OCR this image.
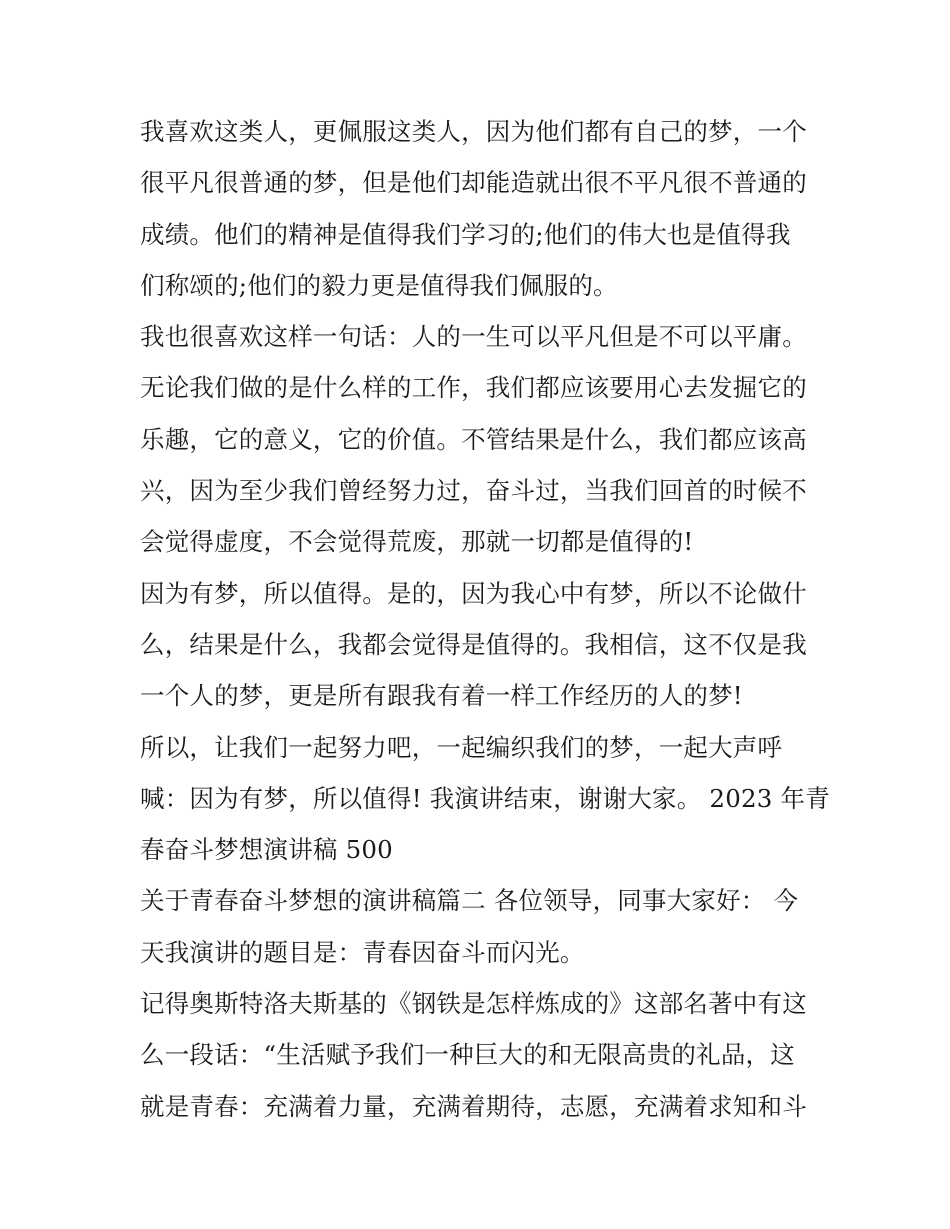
我喜欢这类人，更佩服这类人，因为他们都有自己的梦，一个
很平凡很普通的梦，但是他们却能造就出很不平凡很不普通的
成绩。他们的精神是值得我们学习的;他们的伟大也是值得我
们称颂的;他们的毅力更是值得我们佩服的。
我也很喜欢这样一句话：人的一生可以平凡但是不可以平庸。
无论我们做的是什么样的工作，我们都应该要用心去发掘它的
乐趣，它的意义，它的价值。不管结果是什么，我们都应该高
兴，因为至少我们曾经努力过，奋斗过，当我们回首的时候不
会觉得虚度，不会觉得荒废，那就一切都是值得的!
因为有梦，所以值得。是的，因为我心中有梦，所以不论做什
么，结果是什么，我都会觉得是值得的。我相信，这不仅是我
一个人的梦，更是所有跟我有着一样工作经历的人的梦!
所以，让我们一起努力吧，一起编织我们的梦，一起大声呼
喊：因为有梦，所以值得! 我演讲结束，谢谢大家。 2023 年青
春奋斗梦想演讲稿 500
关于青春奋斗梦想的演讲稿篇二 各位领导，同事大家好： 今
天我演讲的题目是：青春因奋斗而闪光。
记得奥斯特洛夫斯基的《钢铁是怎样炼成的》这部名著中有这
么一段话：“生活赋予我们一种巨大的和无限高贵的礼品，这
就是青春：充满着力量，充满着期待，志愿，充满着求知和斗
